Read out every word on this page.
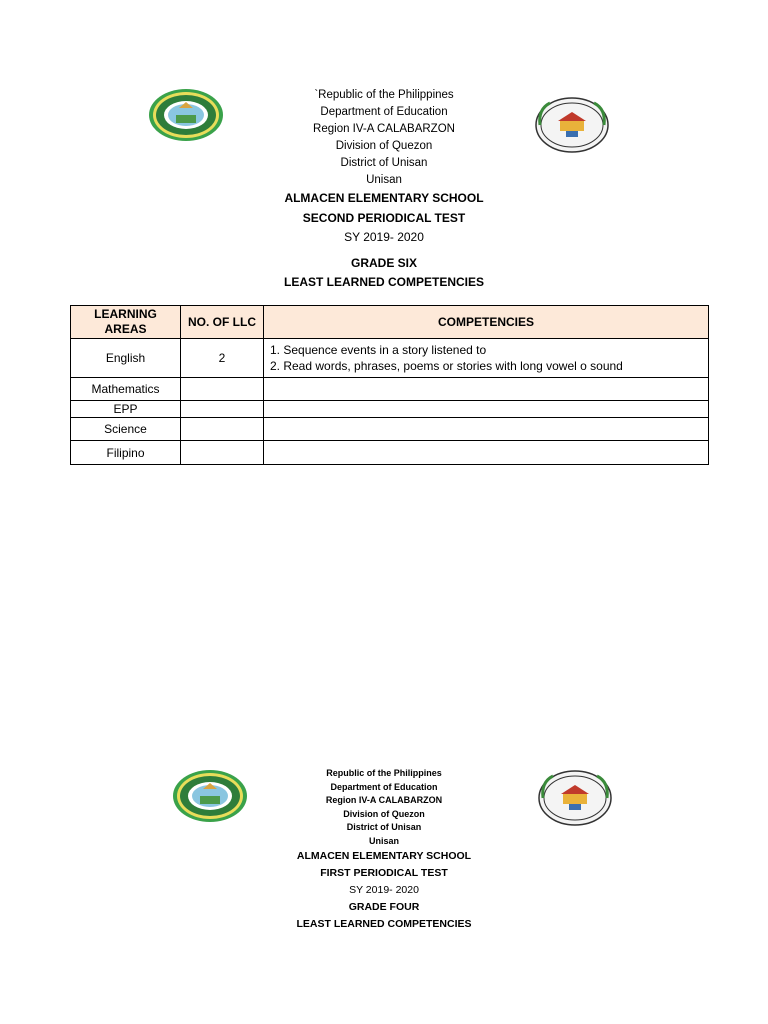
`Republic of the Philippines
Department of Education
Region IV-A CALABARZON
Division of Quezon
District of Unisan
Unisan
ALMACEN ELEMENTARY SCHOOL
SECOND PERIODICAL TEST
SY 2019- 2020
GRADE SIX
LEAST LEARNED COMPETENCIES
LEARNING AREAS	NO. OF LLC	COMPETENCIES
English	2	1. Sequence events in a story listened to
2. Read words, phrases, poems or stories with long vowel o sound

Mathematics		
EPP		
Science		
Filipino		
Republic of the Philippines
Department of Education
Region IV-A CALABARZON
Division of Quezon
District of Unisan
Unisan
ALMACEN ELEMENTARY SCHOOL
FIRST PERIODICAL TEST
SY 2019- 2020
GRADE FOUR
LEAST LEARNED COMPETENCIES
